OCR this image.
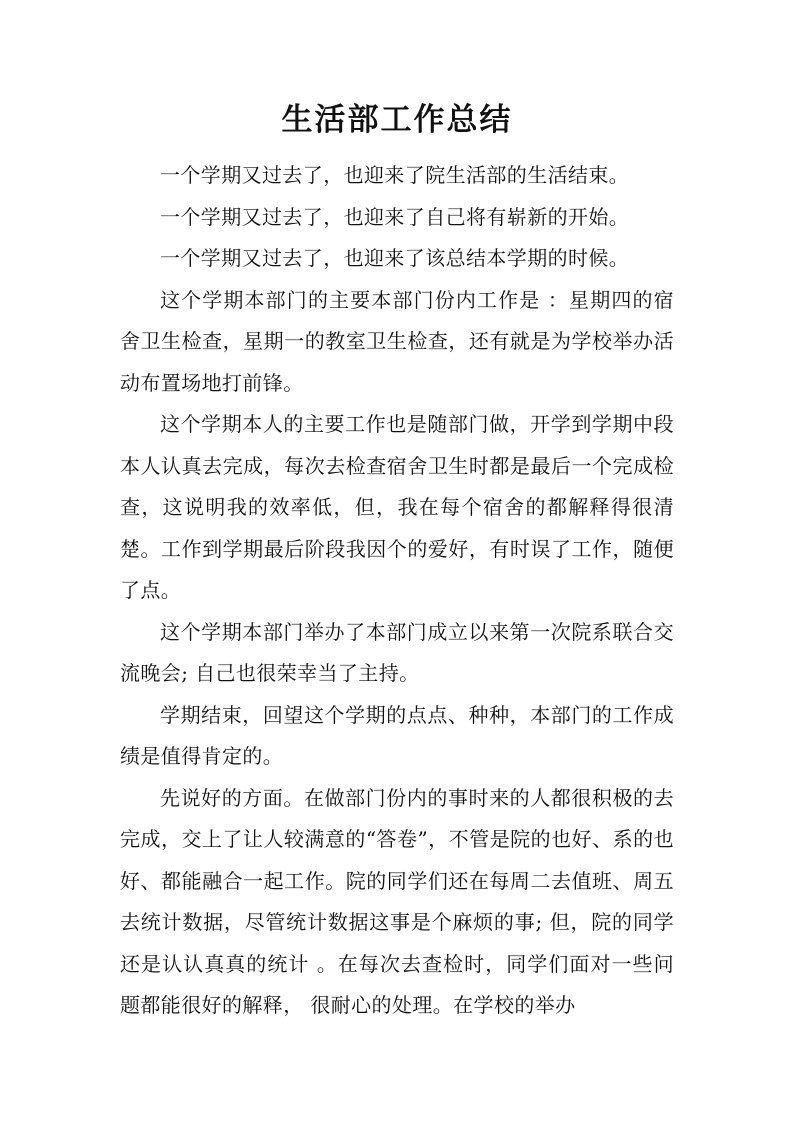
生活部工作总结

一个学期又过去了，也迎来了院生活部的生活结束。

一个学期又过去了，也迎来了自己将有崭新的开始。

一个学期又过去了，也迎来了该总结本学期的时候。

这个学期本部门的主要本部门份内工作是 ：星期四的宿舍卫生检查，星期一的教室卫生检查，还有就是为学校举办活动布置场地打前锋。

这个学期本人的主要工作也是随部门做，开学到学期中段本人认真去完成，每次去检查宿舍卫生时都是最后一个完成检查，这说明我的效率低，但，我在每个宿舍的都解释得很清楚。工作到学期最后阶段我因个的爱好，有时误了工作，随便了点。

这个学期本部门举办了本部门成立以来第一次院系联合交流晚会; 自己也很荣幸当了主持。

学期结束，回望这个学期的点点、种种，本部门的工作成绩是值得肯定的。

先说好的方面。在做部门份内的事时来的人都很积极的去完成，交上了让人较满意的“答卷”，不管是院的也好、系的也好、都能融合一起工作。院的同学们还在每周二去值班、周五去统计数据，尽管统计数据这事是个麻烦的事; 但，院的同学还是认认真真的统计 。在每次去查检时，同学们面对一些问题都能很好的解释， 很耐心的处理。在学校的举办
